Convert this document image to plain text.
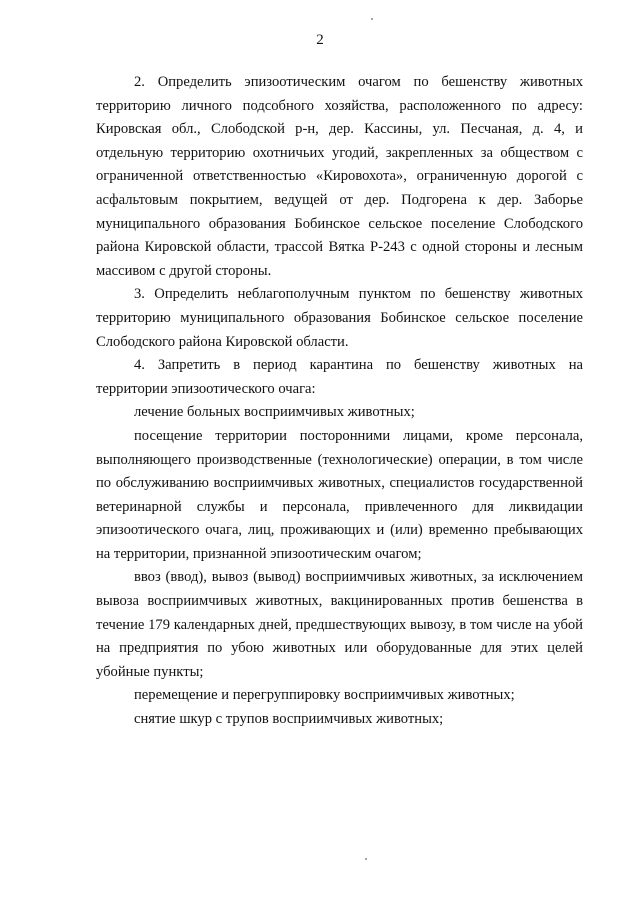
2

2. Определить эпизоотическим очагом по бешенству животных территорию личного подсобного хозяйства, расположенного по адресу: Кировская обл., Слободской р-н, дер. Кассины, ул. Песчаная, д. 4, и отдельную территорию охотничьих угодий, закрепленных за обществом с ограниченной ответственностью «Кировохота», ограниченную дорогой с асфальтовым покрытием, ведущей от дер. Подгорена к дер. Заборье муниципального образования Бобинское сельское поселение Слободского района Кировской области, трассой Вятка Р-243 с одной стороны и лесным массивом с другой стороны.

3. Определить неблагополучным пунктом по бешенству животных территорию муниципального образования Бобинское сельское поселение Слободского района Кировской области.

4. Запретить в период карантина по бешенству животных на территории эпизоотического очага:

лечение больных восприимчивых животных;

посещение территории посторонними лицами, кроме персонала, выполняющего производственные (технологические) операции, в том числе по обслуживанию восприимчивых животных, специалистов государственной ветеринарной службы и персонала, привлеченного для ликвидации эпизоотического очага, лиц, проживающих и (или) временно пребывающих на территории, признанной эпизоотическим очагом;

ввоз (ввод), вывоз (вывод) восприимчивых животных, за исключением вывоза восприимчивых животных, вакцинированных против бешенства в течение 179 календарных дней, предшествующих вывозу, в том числе на убой на предприятия по убою животных или оборудованные для этих целей убойные пункты;

перемещение и перегруппировку восприимчивых животных;

снятие шкур с трупов восприимчивых животных;
